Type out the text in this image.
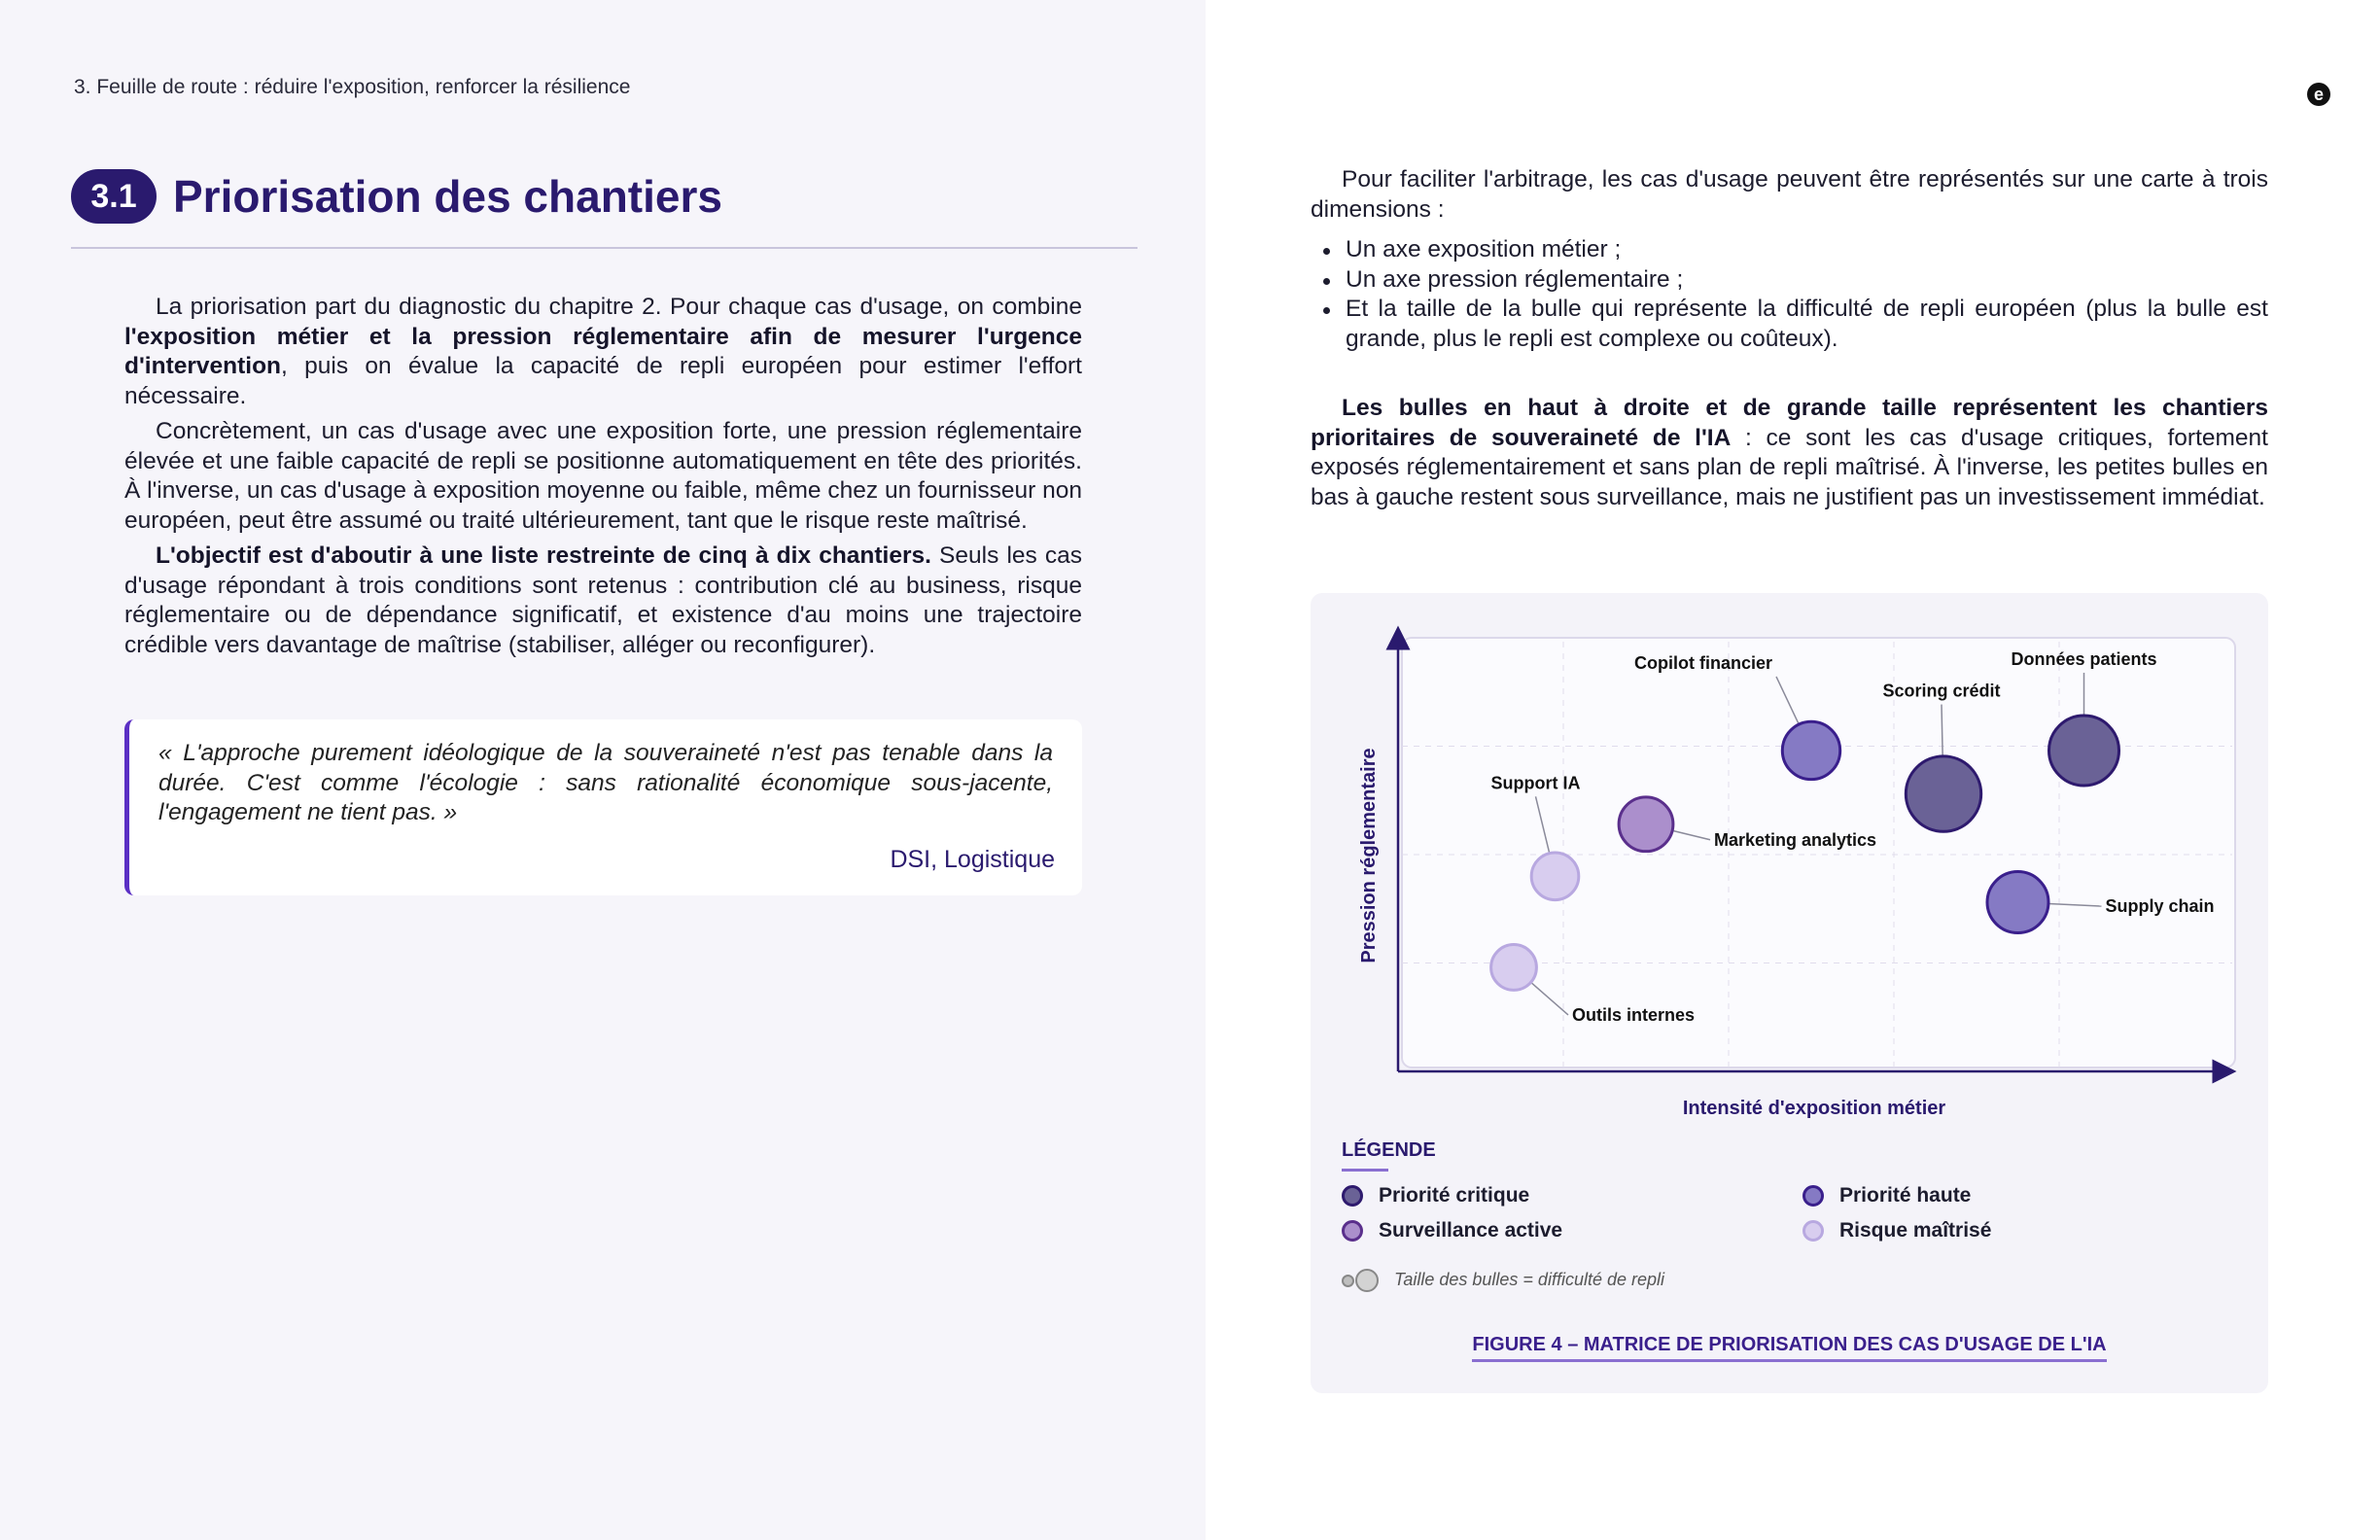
3. Feuille de route : réduire l'exposition, renforcer la résilience	e
3.1 Priorisation des chantiers

La priorisation part du diagnostic du chapitre 2. Pour chaque cas d'usage, on combine l'exposition métier et la pression réglementaire afin de mesurer l'urgence d'intervention, puis on évalue la capacité de repli européen pour estimer l'effort nécessaire.

Concrètement, un cas d'usage avec une exposition forte, une pression réglementaire élevée et une faible capacité de repli se positionne automatiquement en tête des priorités. À l'inverse, un cas d'usage à exposition moyenne ou faible, même chez un fournisseur non européen, peut être assumé ou traité ultérieurement, tant que le risque reste maîtrisé.

L'objectif est d'aboutir à une liste restreinte de cinq à dix chantiers. Seuls les cas d'usage répondant à trois conditions sont retenus : contribution clé au business, risque réglementaire ou de dépendance significatif, et existence d'au moins une trajectoire crédible vers davantage de maîtrise (stabiliser, alléger ou reconfigurer).

« L'approche purement idéologique de la souveraineté n'est pas tenable dans la durée. C'est comme l'écologie : sans rationalité économique sous-jacente, l'engagement ne tient pas. »
DSI, Logistique

Pour faciliter l'arbitrage, les cas d'usage peuvent être représentés sur une carte à trois dimensions :

Un axe exposition métier ;
Un axe pression réglementaire ;
Et la taille de la bulle qui représente la difficulté de repli européen (plus la bulle est grande, plus le repli est complexe ou coûteux).

Les bulles en haut à droite et de grande taille représentent les chantiers prioritaires de souveraineté de l'IA : ce sont les cas d'usage critiques, fortement exposés réglementairement et sans plan de repli maîtrisé. À l'inverse, les petites bulles en bas à gauche restent sous surveillance, mais ne justifient pas un investissement immédiat.

Outils internes
Support IA
Marketing analytics
Copilot financier
Scoring crédit
Données patients
Supply chain
Intensité d'exposition métier
Pression réglementaire
LÉGENDE
Priorité critique	Priorité haute
Surveillance active	Risque maîtrisé
Taille des bulles = difficulté de repli
FIGURE 4 – MATRICE DE PRIORISATION DES CAS D'USAGE DE L'IA
